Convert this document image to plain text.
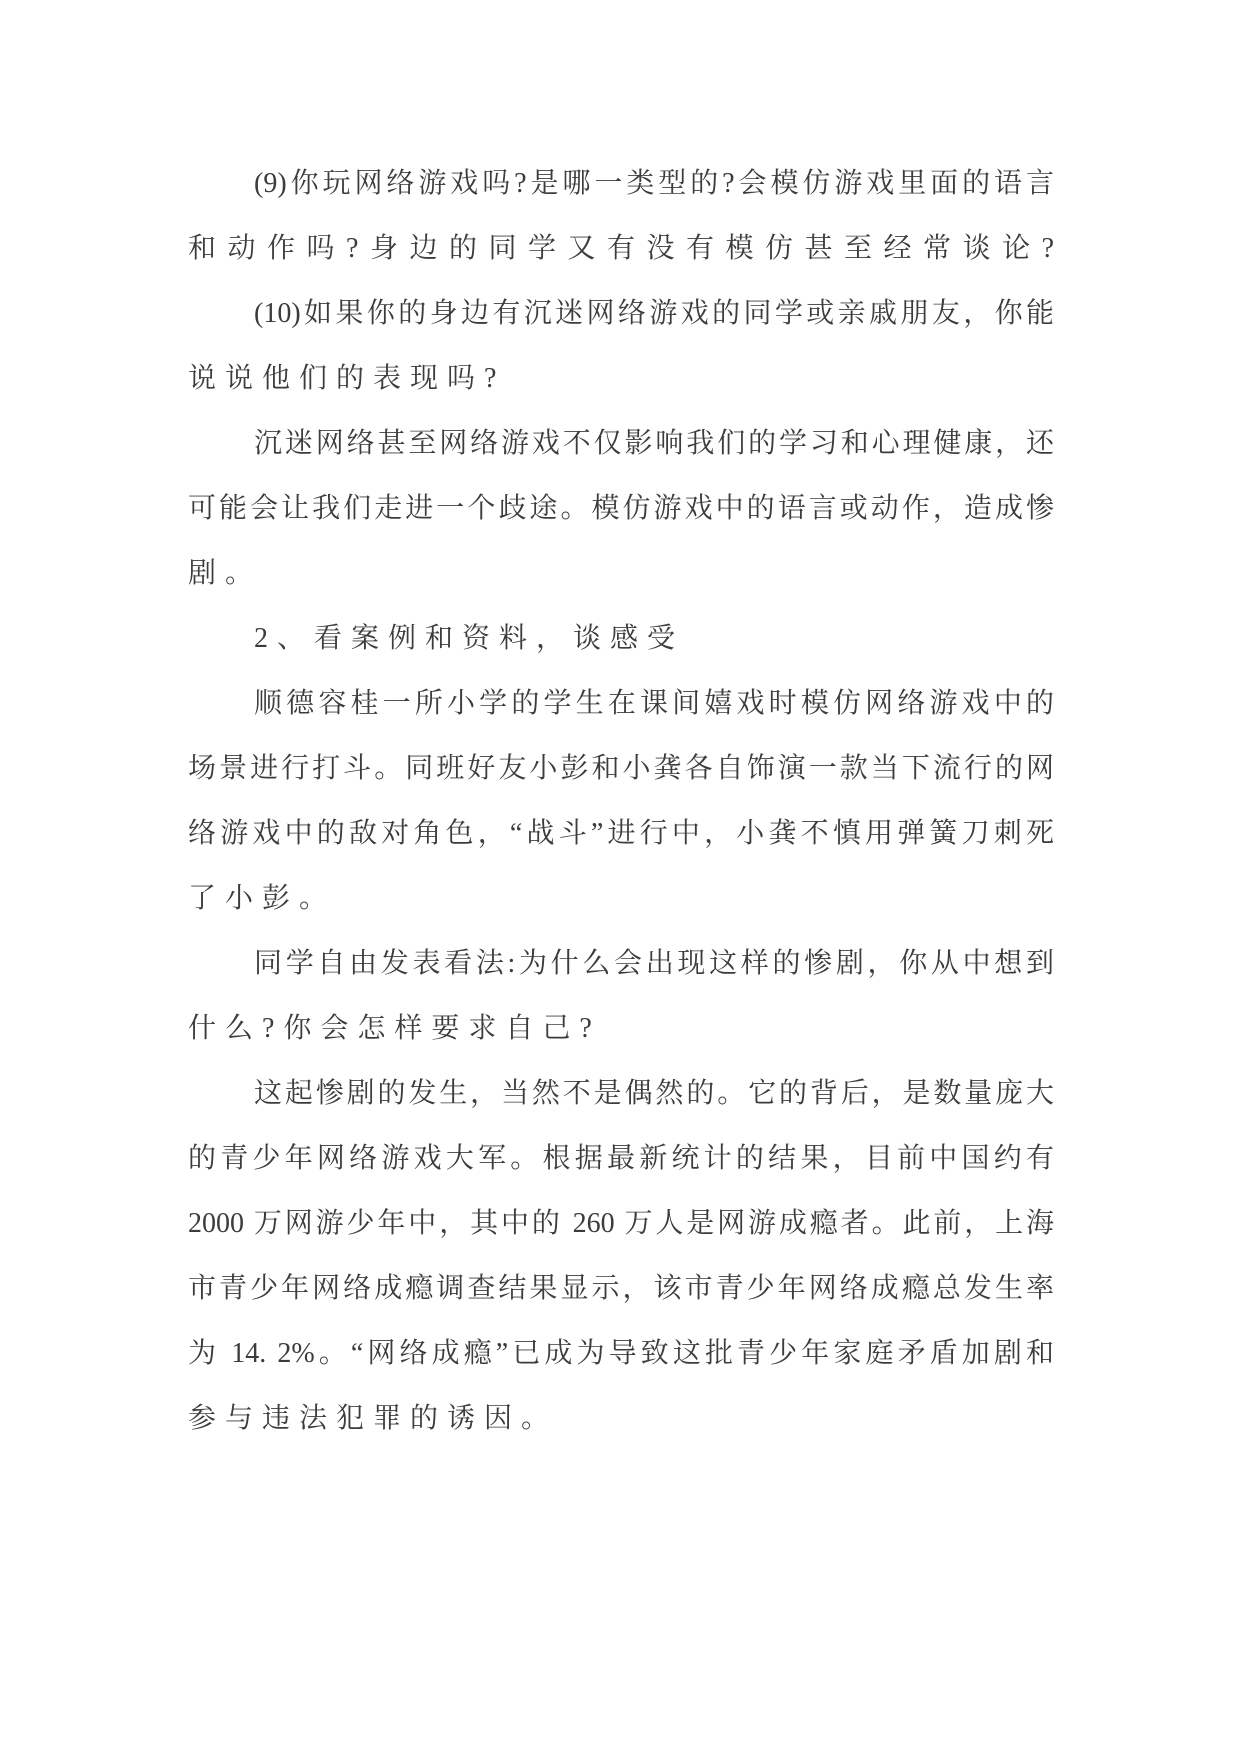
(9)你玩网络游戏吗?是哪一类型的?会模仿游戏里面的语言
和动作吗?身边的同学又有没有模仿甚至经常谈论?
(10)如果你的身边有沉迷网络游戏的同学或亲戚朋友，你能
说说他们的表现吗?
沉迷网络甚至网络游戏不仅影响我们的学习和心理健康，还
可能会让我们走进一个歧途。模仿游戏中的语言或动作，造成惨
剧。
2、看案例和资料，谈感受
顺德容桂一所小学的学生在课间嬉戏时模仿网络游戏中的
场景进行打斗。同班好友小彭和小龚各自饰演一款当下流行的网
络游戏中的敌对角色，“战斗”进行中，小龚不慎用弹簧刀刺死
了小彭。
同学自由发表看法:为什么会出现这样的惨剧，你从中想到
什么?你会怎样要求自己?
这起惨剧的发生，当然不是偶然的。它的背后，是数量庞大
的青少年网络游戏大军。根据最新统计的结果，目前中国约有
2000 万网游少年中，其中的 260 万人是网游成瘾者。此前，上海
市青少年网络成瘾调查结果显示，该市青少年网络成瘾总发生率
为 14. 2%。“网络成瘾”已成为导致这批青少年家庭矛盾加剧和
参与违法犯罪的诱因。
